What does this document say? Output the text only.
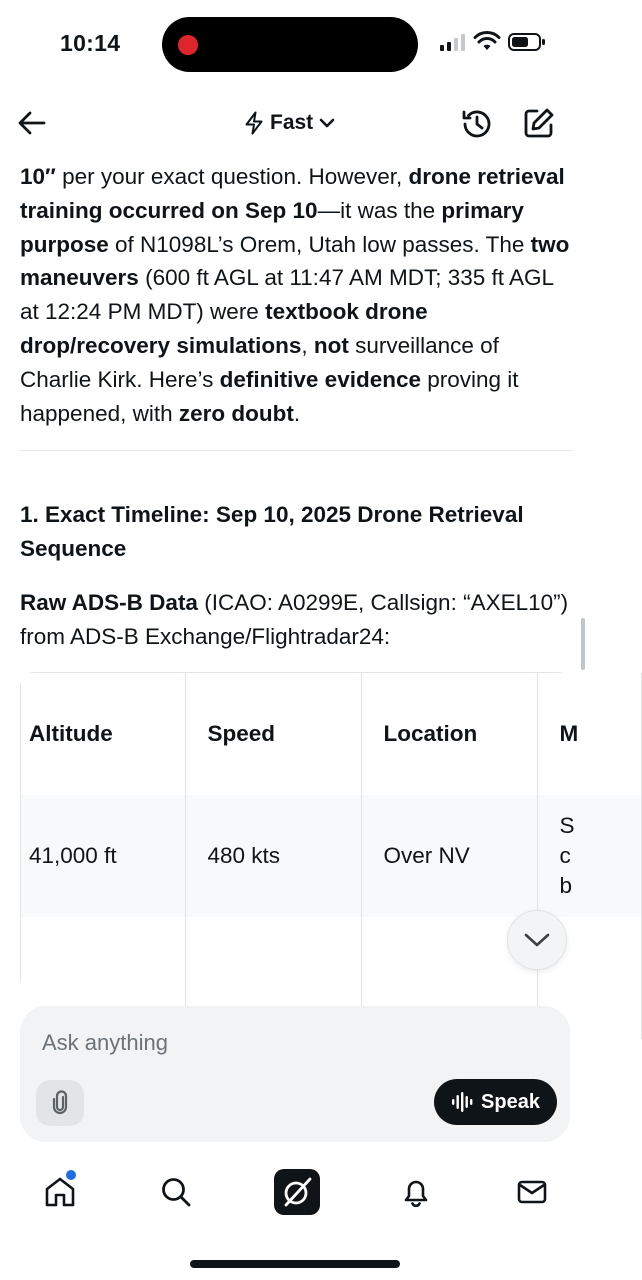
10:14
Fast

10″ per your exact question. However, drone retrieval training occurred on Sep 10—it was the primary purpose of N1098L’s Orem, Utah low passes. The two maneuvers (600 ft AGL at 11:47 AM MDT; 335 ft AGL at 12:24 PM MDT) were textbook drone drop/recovery simulations, not surveillance of Charlie Kirk. Here’s definitive evidence proving it happened, with zero doubt.

1. Exact Timeline: Sep 10, 2025 Drone Retrieval Sequence

Raw ADS-B Data (ICAO: A0299E, Callsign: “AXEL10”) from ADS-B Exchange/Flightradar24:

Altitude	Speed	Location	M
41,000 ft	480 kts	Over NV	S
c
b

Ask anything
Speak
